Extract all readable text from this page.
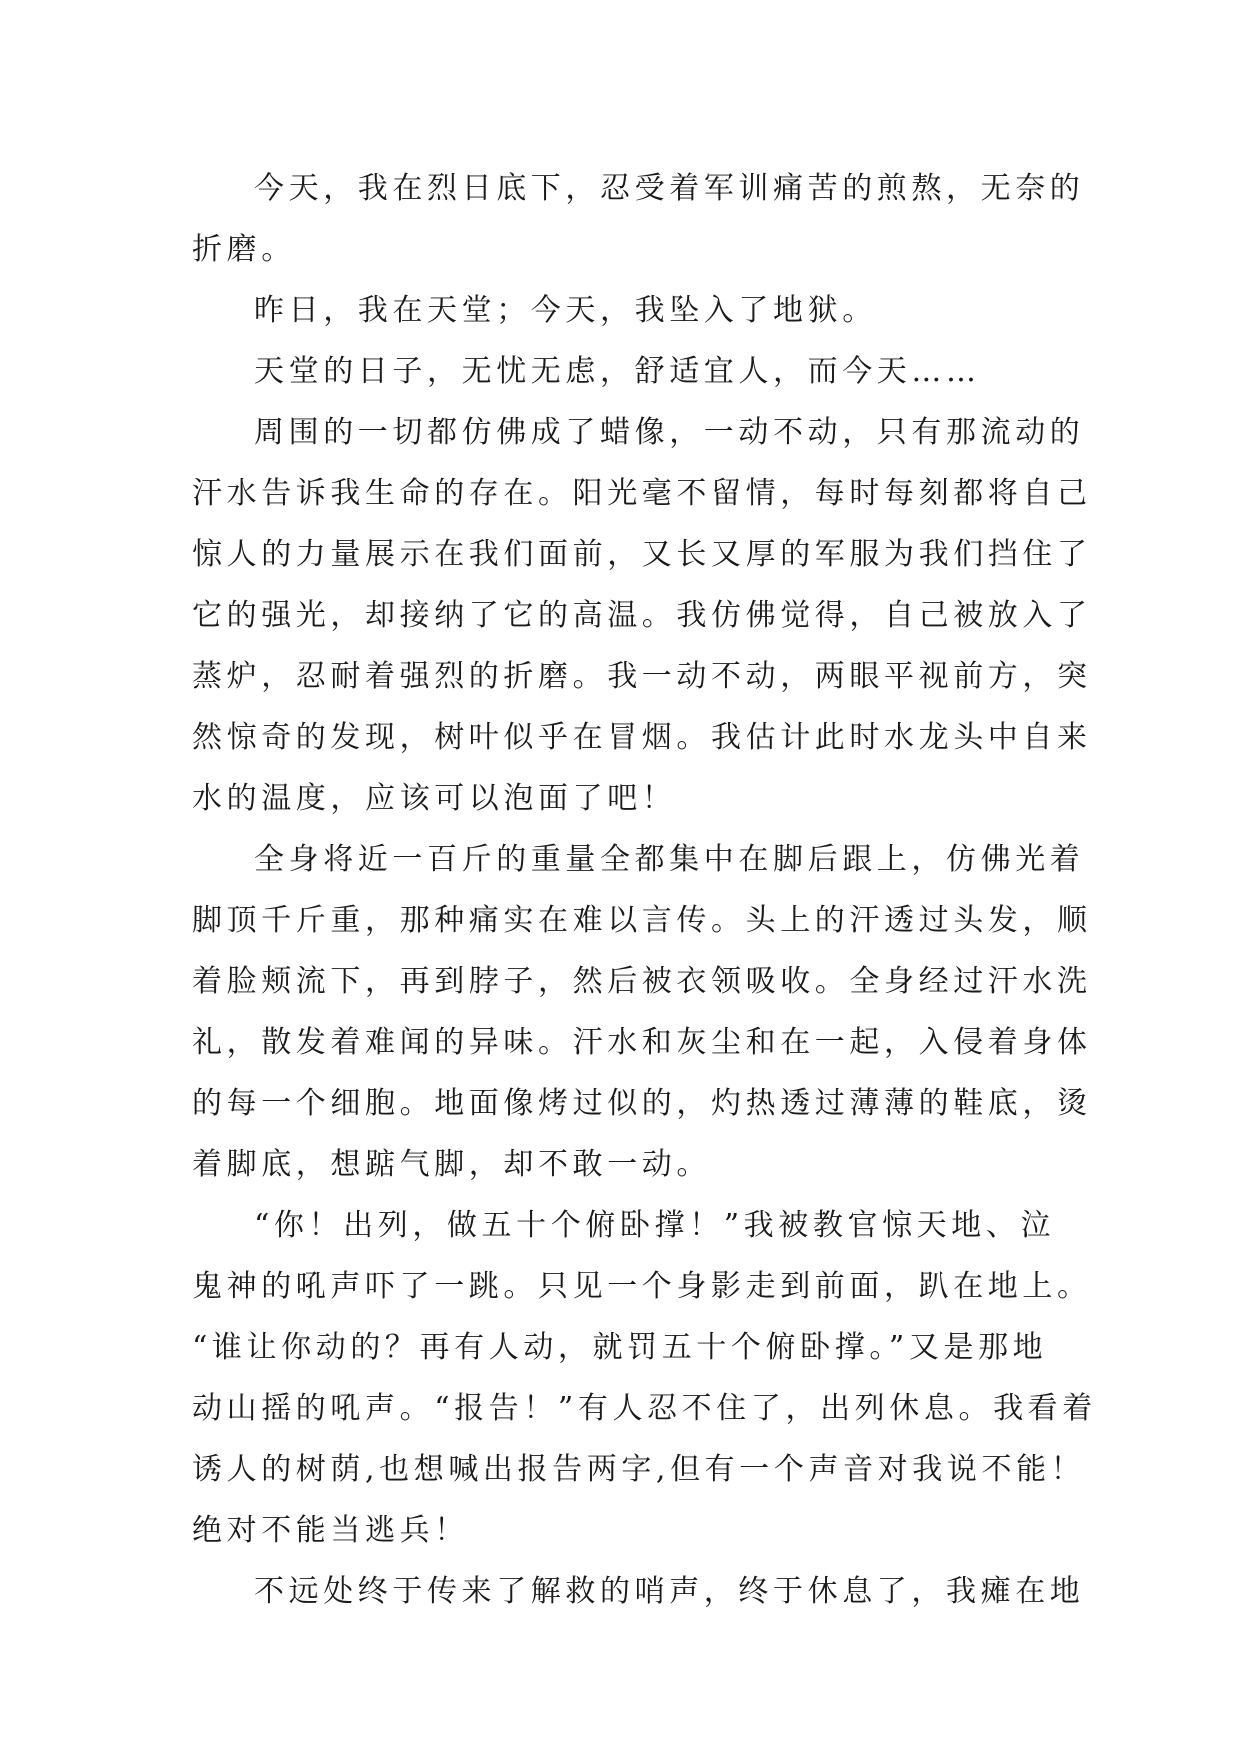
今天，我在烈日底下，忍受着军训痛苦的煎熬，无奈的
折磨。
昨日，我在天堂；今天，我坠入了地狱。
天堂的日子，无忧无虑，舒适宜人，而今天……
周围的一切都仿佛成了蜡像，一动不动，只有那流动的
汗水告诉我生命的存在。阳光毫不留情，每时每刻都将自己
惊人的力量展示在我们面前，又长又厚的军服为我们挡住了
它的强光，却接纳了它的高温。我仿佛觉得，自己被放入了
蒸炉，忍耐着强烈的折磨。我一动不动，两眼平视前方，突
然惊奇的发现，树叶似乎在冒烟。我估计此时水龙头中自来
水的温度，应该可以泡面了吧！
全身将近一百斤的重量全都集中在脚后跟上，仿佛光着
脚顶千斤重，那种痛实在难以言传。头上的汗透过头发，顺
着脸颊流下，再到脖子，然后被衣领吸收。全身经过汗水洗
礼，散发着难闻的异味。汗水和灰尘和在一起，入侵着身体
的每一个细胞。地面像烤过似的，灼热透过薄薄的鞋底，烫
着脚底，想踮气脚，却不敢一动。
“你！出列，做五十个俯卧撑！”我被教官惊天地、泣
鬼神的吼声吓了一跳。只见一个身影走到前面，趴在地上。
“谁让你动的？再有人动，就罚五十个俯卧撑。”又是那地
动山摇的吼声。“报告！”有人忍不住了，出列休息。我看着
诱人的树荫,也想喊出报告两字,但有一个声音对我说不能！
绝对不能当逃兵！
不远处终于传来了解救的哨声，终于休息了，我瘫在地
